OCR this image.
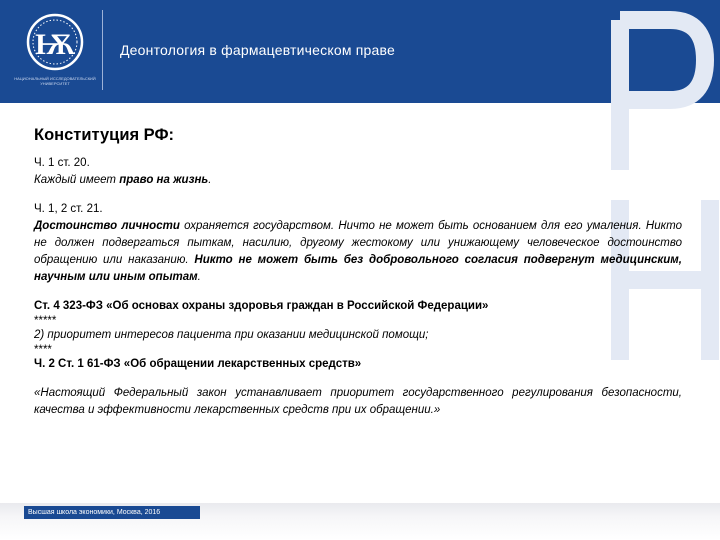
Ѭ
НАЦИОНАЛЬНЫЙ ИССЛЕДОВАТЕЛЬСКИЙ УНИВЕРСИТЕТ
Деонтология в фармацевтическом праве
Конституция РФ:

Ч. 1 ст. 20.

Каждый имеет право на жизнь.

Ч. 1, 2 ст. 21.

Достоинство личности охраняется государством. Ничто не может быть основанием для его умаления. Никто не должен подвергаться пыткам, насилию, другому жестокому или унижающему человеческое достоинство обращению или наказанию. Никто не может быть без добровольного согласия подвергнут медицинским, научным или иным опытам.

Ст. 4 323-ФЗ «Об основах охраны здоровья граждан в Российской Федерации»

*****

2) приоритет интересов пациента при оказании медицинской помощи;

****

Ч. 2 Ст. 1 61-ФЗ «Об обращении лекарственных средств»

«Настоящий Федеральный закон устанавливает приоритет государственного регулирования безопасности, качества и эффективности лекарственных средств при их обращении.»

Высшая школа экономики, Москва, 2016
